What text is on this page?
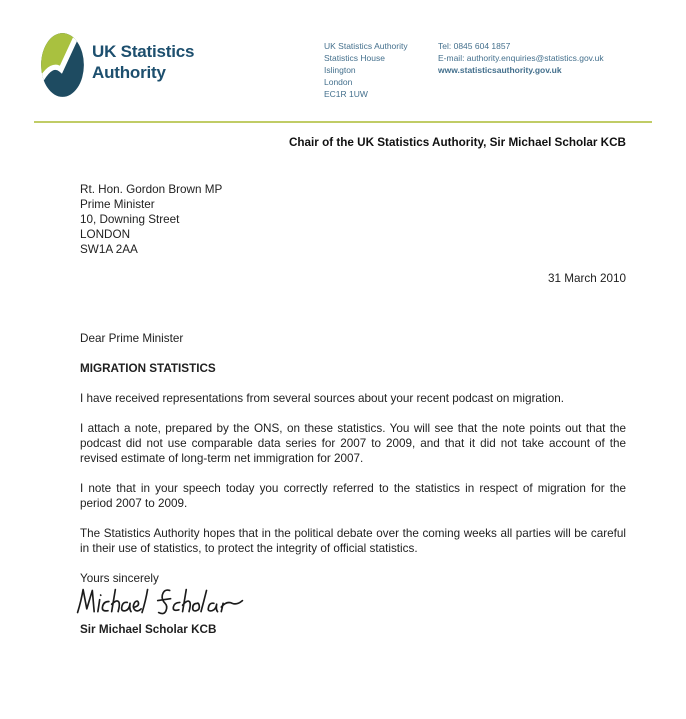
UK Statistics
Authority
UK Statistics Authority
Statistics House
Islington
London
EC1R 1UW
Tel: 0845 604 1857
E-mail: authority.enquiries@statistics.gov.uk
www.statisticsauthority.gov.uk
Chair of the UK Statistics Authority, Sir Michael Scholar KCB
Rt. Hon. Gordon Brown MP
Prime Minister
10, Downing Street
LONDON
SW1A 2AA
31 March 2010
Dear Prime Minister
MIGRATION STATISTICS

I have received representations from several sources about your recent podcast on migration.

I attach a note, prepared by the ONS, on these statistics. You will see that the note points out that the podcast did not use comparable data series for 2007 to 2009, and that it did not take account of the revised estimate of long-term net immigration for 2007.

I note that in your speech today you correctly referred to the statistics in respect of migration for the period 2007 to 2009.

The Statistics Authority hopes that in the political debate over the coming weeks all parties will be careful in their use of statistics, to protect the integrity of official statistics.

Yours sincerely
Sir Michael Scholar KCB
